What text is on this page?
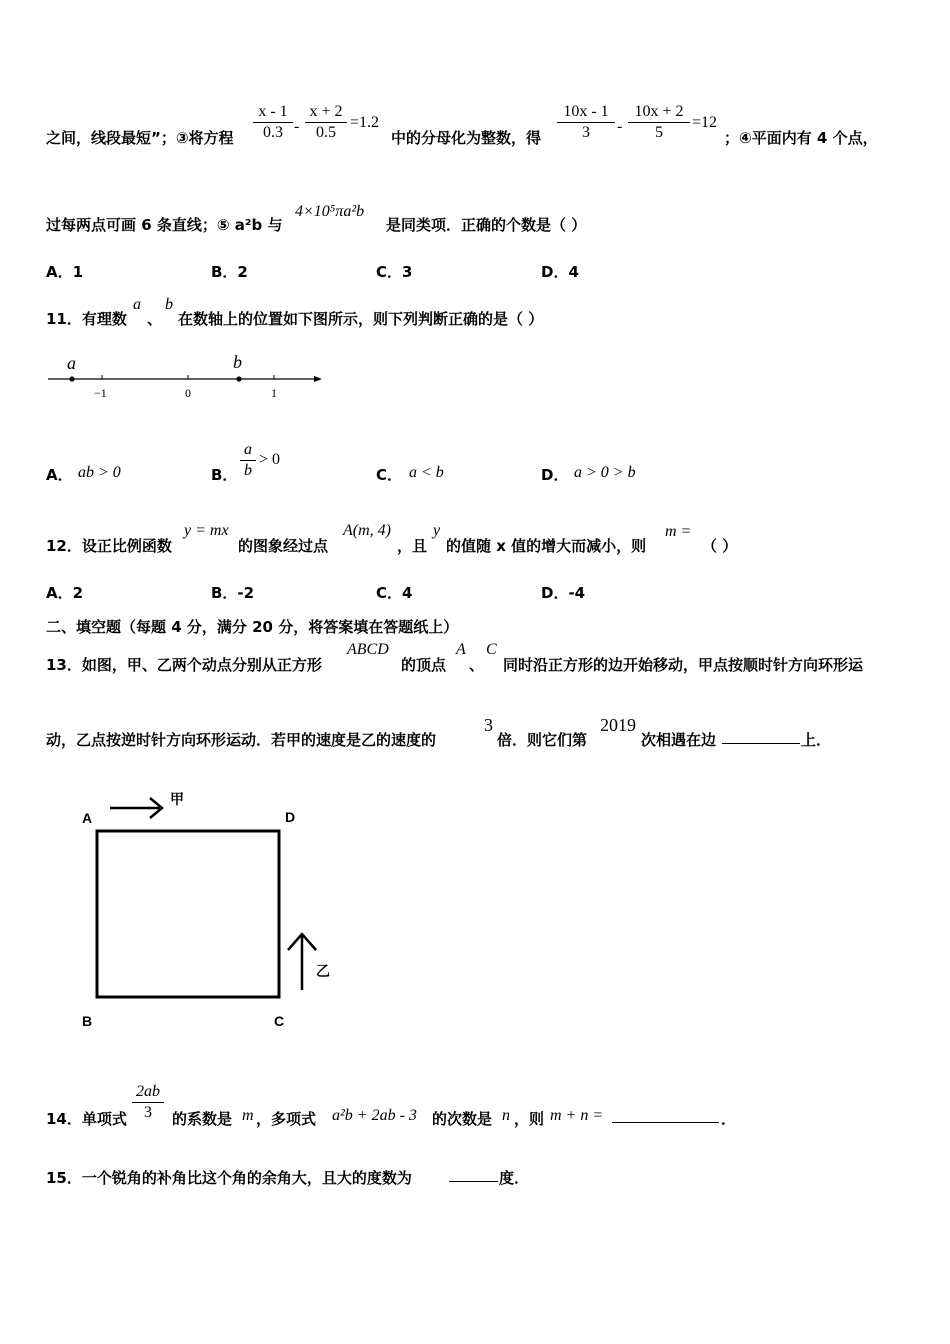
之间，线段最短”；③将方程 $\frac{x - 1}{0.3} - \frac{x + 2}{0.5} =1.2$
中的分母化为整数，得 $\frac{10x - 1}{3} - \frac{10x + 2}{5} =12$
；④平面内有 4 个点，
过每两点可画 6 条直线；⑤ a²b 与
4×10⁵πa²b
是同类项．正确的个数是（ ）
A．1	B．2	C．3	D．4
11．有理数
a
、
b
在数轴上的位置如下图所示，则下列判断正确的是（ ）
a	b
−1	0	1
A． ab > 0	B． $\frac{a}{b} > 0$
C． a < b	D． a > 0 > b
12．设正比例函数
y = mx
的图象经过点
A(m, 4)
，且
y
的值随 x 值的增大而减小，则
m =
（ ）
A．2	B．-2	C．4	D．-4
二、填空题（每题 4 分，满分 20 分，将答案填在答题纸上）
13．如图，甲、乙两个动点分别从正方形
ABCD
的顶点
A
、
C
同时沿正方形的边开始移动，甲点按顺时针方向环形运
动，乙点按逆时针方向环形运动．若甲的速度是乙的速度的
3
倍．则它们第
2019
次相遇在边	上．
A	D
B	C
甲
乙
14．单项式 $\frac{2ab}{3}$ 的系数是 m ，多项式 a²b + 2ab - 3 的次数是 n ，则 m + n =	．
15．一个锐角的补角比这个角的余角大，且大的度数为	度．
